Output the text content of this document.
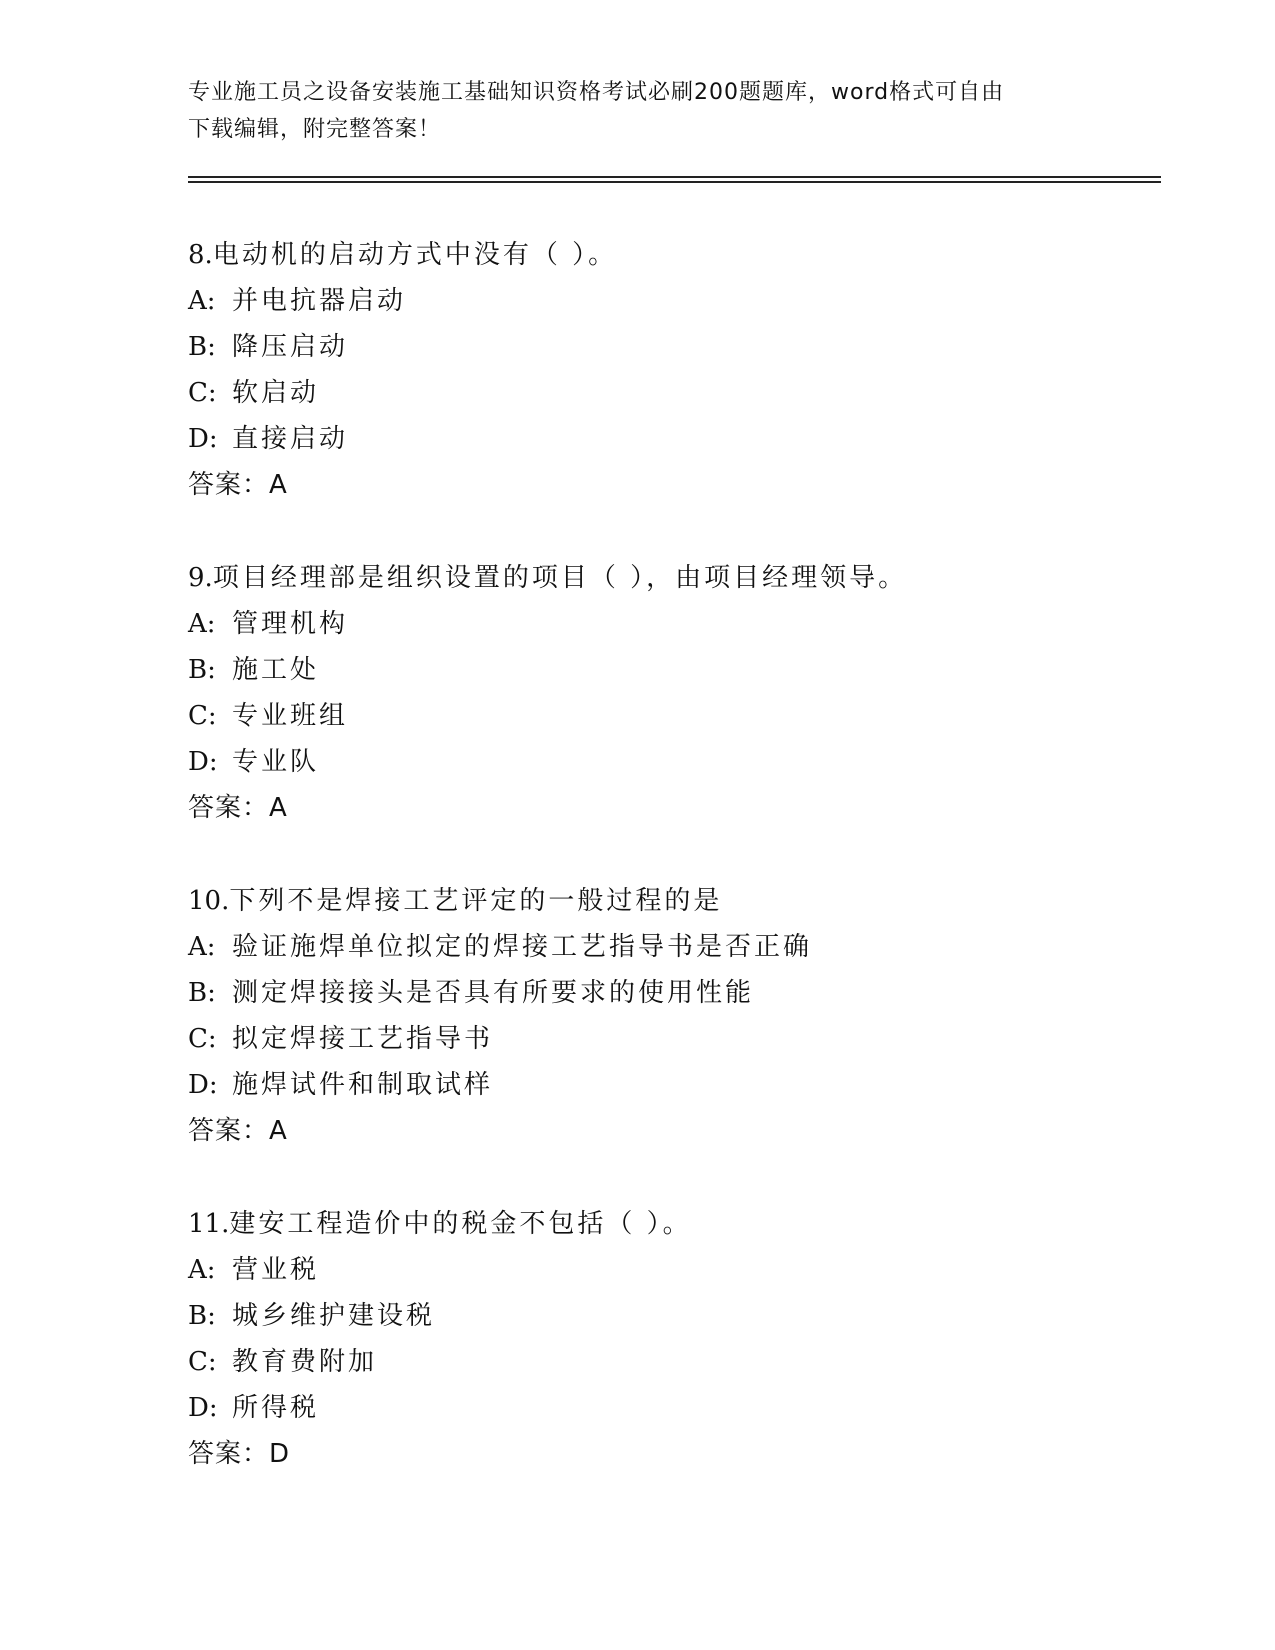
专业施工员之设备安装施工基础知识资格考试必刷200题题库，word格式可自由
下载编辑，附完整答案！

8.电动机的启动方式中没有（ ）。
A: 并电抗器启动
B: 降压启动
C: 软启动
D: 直接启动
答案：A
9.项目经理部是组织设置的项目（ ），由项目经理领导。
A: 管理机构
B: 施工处
C: 专业班组
D: 专业队
答案：A
10.下列不是焊接工艺评定的一般过程的是
A: 验证施焊单位拟定的焊接工艺指导书是否正确
B: 测定焊接接头是否具有所要求的使用性能
C: 拟定焊接工艺指导书
D: 施焊试件和制取试样
答案：A
11.建安工程造价中的税金不包括（ ）。
A: 营业税
B: 城乡维护建设税
C: 教育费附加
D: 所得税
答案：D
